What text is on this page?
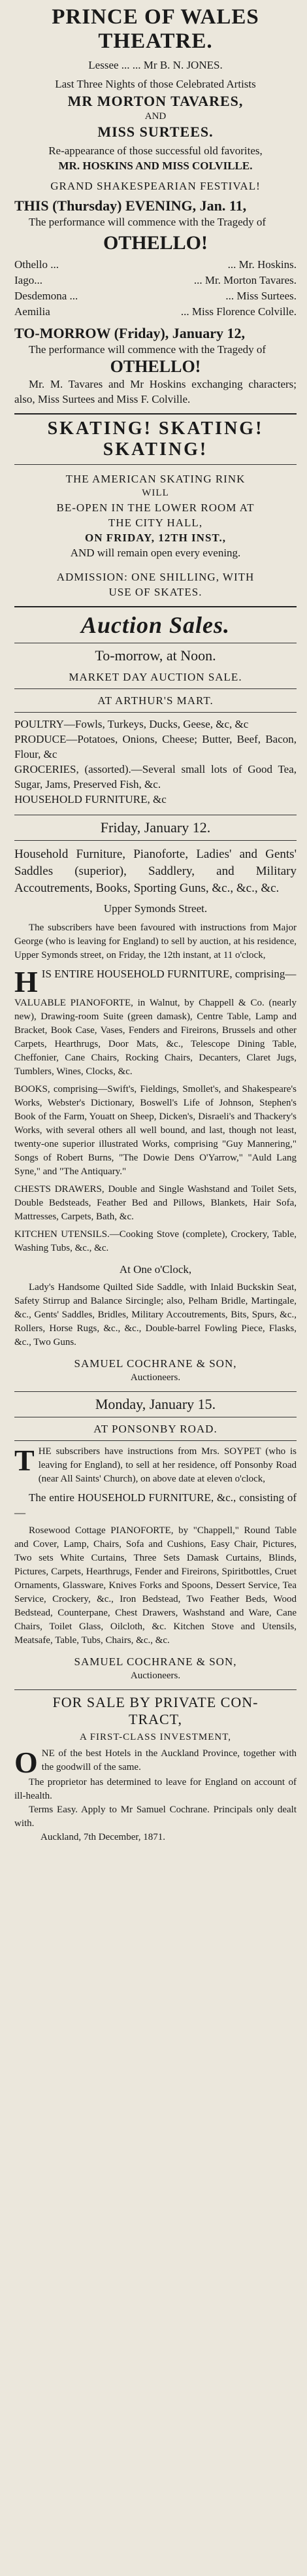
PRINCE OF WALES THEATRE.
Lessee ... ... Mr B. N. JONES.
Last Three Nights of those Celebrated Artists
MR MORTON TAVARES,
AND
MISS SURTEES.
Re-appearance of those successful old favorites,
MR. HOSKINS AND MISS COLVILLE.
GRAND SHAKESPEARIAN FESTIVAL!
THIS (Thursday) EVENING, Jan. 11,
The performance will commence with the Tragedy of
OTHELLO!
Othello ...	... Mr. Hoskins.
Iago...	... Mr. Morton Tavares.
Desdemona ...	... Miss Surtees.
Aemilia	... Miss Florence Colville.
TO-MORROW (Friday), January 12,
The performance will commence with the Tragedy of
OTHELLO!
Mr. M. Tavares and Mr Hoskins exchanging characters; also, Miss Surtees and Miss F. Colville.
SKATING! SKATING!
SKATING!
THE AMERICAN SKATING RINK
WILL
BE-OPEN IN THE LOWER ROOM AT
THE CITY HALL,
ON FRIDAY, 12TH INST.,
AND will remain open every evening.
ADMISSION: ONE SHILLING, WITH
USE OF SKATES.
Auction Sales.
To-morrow, at Noon.
MARKET DAY AUCTION SALE.
AT ARTHUR'S MART.
POULTRY—Fowls, Turkeys, Ducks, Geese, &c, &c
PRODUCE—Potatoes, Onions, Cheese; Butter, Beef, Bacon, Flour, &c
GROCERIES, (assorted).—Several small lots of Good Tea, Sugar, Jams, Preserved Fish, &c.
HOUSEHOLD FURNITURE, &c
Friday, January 12.
Household Furniture, Pianoforte, Ladies' and Gents' Saddles (superior), Saddlery, and Military Accoutrements, Books, Sporting Guns, &c., &c., &c.
Upper Symonds Street.
The subscribers have been favoured with instructions from Major George (who is leaving for England) to sell by auction, at his residence, Upper Symonds street, on Friday, the 12th instant, at 11 o'clock,
HIS ENTIRE HOUSEHOLD FURNITURE, comprising—
VALUABLE PIANOFORTE, in Walnut, by Chappell & Co. (nearly new), Drawing-room Suite (green damask), Centre Table, Lamp and Bracket, Book Case, Vases, Fenders and Fireirons, Brussels and other Carpets, Hearthrugs, Door Mats, &c., Telescope Dining Table, Cheffonier, Cane Chairs, Rocking Chairs, Decanters, Claret Jugs, Tumblers, Wines, Clocks, &c.
BOOKS, comprising—Swift's, Fieldings, Smollet's, and Shakespeare's Works, Webster's Dictionary, Boswell's Life of Johnson, Stephen's Book of the Farm, Youatt on Sheep, Dicken's, Disraeli's and Thackery's Works, with several others all well bound, and last, though not least, twenty-one superior illustrated Works, comprising "Guy Mannering," Songs of Robert Burns, "The Dowie Dens O'Yarrow," "Auld Lang Syne," and "The Antiquary."
CHESTS DRAWERS, Double and Single Washstand and Toilet Sets, Double Bedsteads, Feather Bed and Pillows, Blankets, Hair Sofa, Mattresses, Carpets, Bath, &c.
KITCHEN UTENSILS.—Cooking Stove (complete), Crockery, Table, Washing Tubs, &c., &c.
At One o'Clock,
Lady's Handsome Quilted Side Saddle, with Inlaid Buckskin Seat, Safety Stirrup and Balance Sircingle; also, Pelham Bridle, Martingale, &c., Gents' Saddles, Bridles, Military Accoutrements, Bits, Spurs, &c., Rollers, Horse Rugs, &c., &c., Double-barrel Fowling Piece, Flasks, &c., Two Guns.
SAMUEL COCHRANE & SON,
Auctioneers.
Monday, January 15.
AT PONSONBY ROAD.
THE subscribers have instructions from Mrs. SOYPET (who is leaving for England), to sell at her residence, off Ponsonby Road (near All Saints' Church), on above date at eleven o'clock,
The entire HOUSEHOLD FURNITURE, &c., consisting of—
Rosewood Cottage PIANOFORTE, by "Chappell," Round Table and Cover, Lamp, Chairs, Sofa and Cushions, Easy Chair, Pictures, Two sets White Curtains, Three Sets Damask Curtains, Blinds, Pictures, Carpets, Hearthrugs, Fender and Fireirons, Spiritbottles, Cruet Ornaments, Glassware, Knives Forks and Spoons, Dessert Service, Tea Service, Crockery, &c., Iron Bedstead, Two Feather Beds, Wood Bedstead, Counterpane, Chest Drawers, Washstand and Ware, Cane Chairs, Toilet Glass, Oilcloth, &c. Kitchen Stove and Utensils, Meatsafe, Table, Tubs, Chairs, &c., &c.
SAMUEL COCHRANE & SON,
Auctioneers.
FOR SALE BY PRIVATE CON-
TRACT,
A FIRST-CLASS INVESTMENT,
ONE of the best Hotels in the Auckland Province, together with the goodwill of the same.
The proprietor has determined to leave for England on account of ill-health.
Terms Easy. Apply to Mr Samuel Cochrane. Principals only dealt with.
Auckland, 7th December, 1871.
